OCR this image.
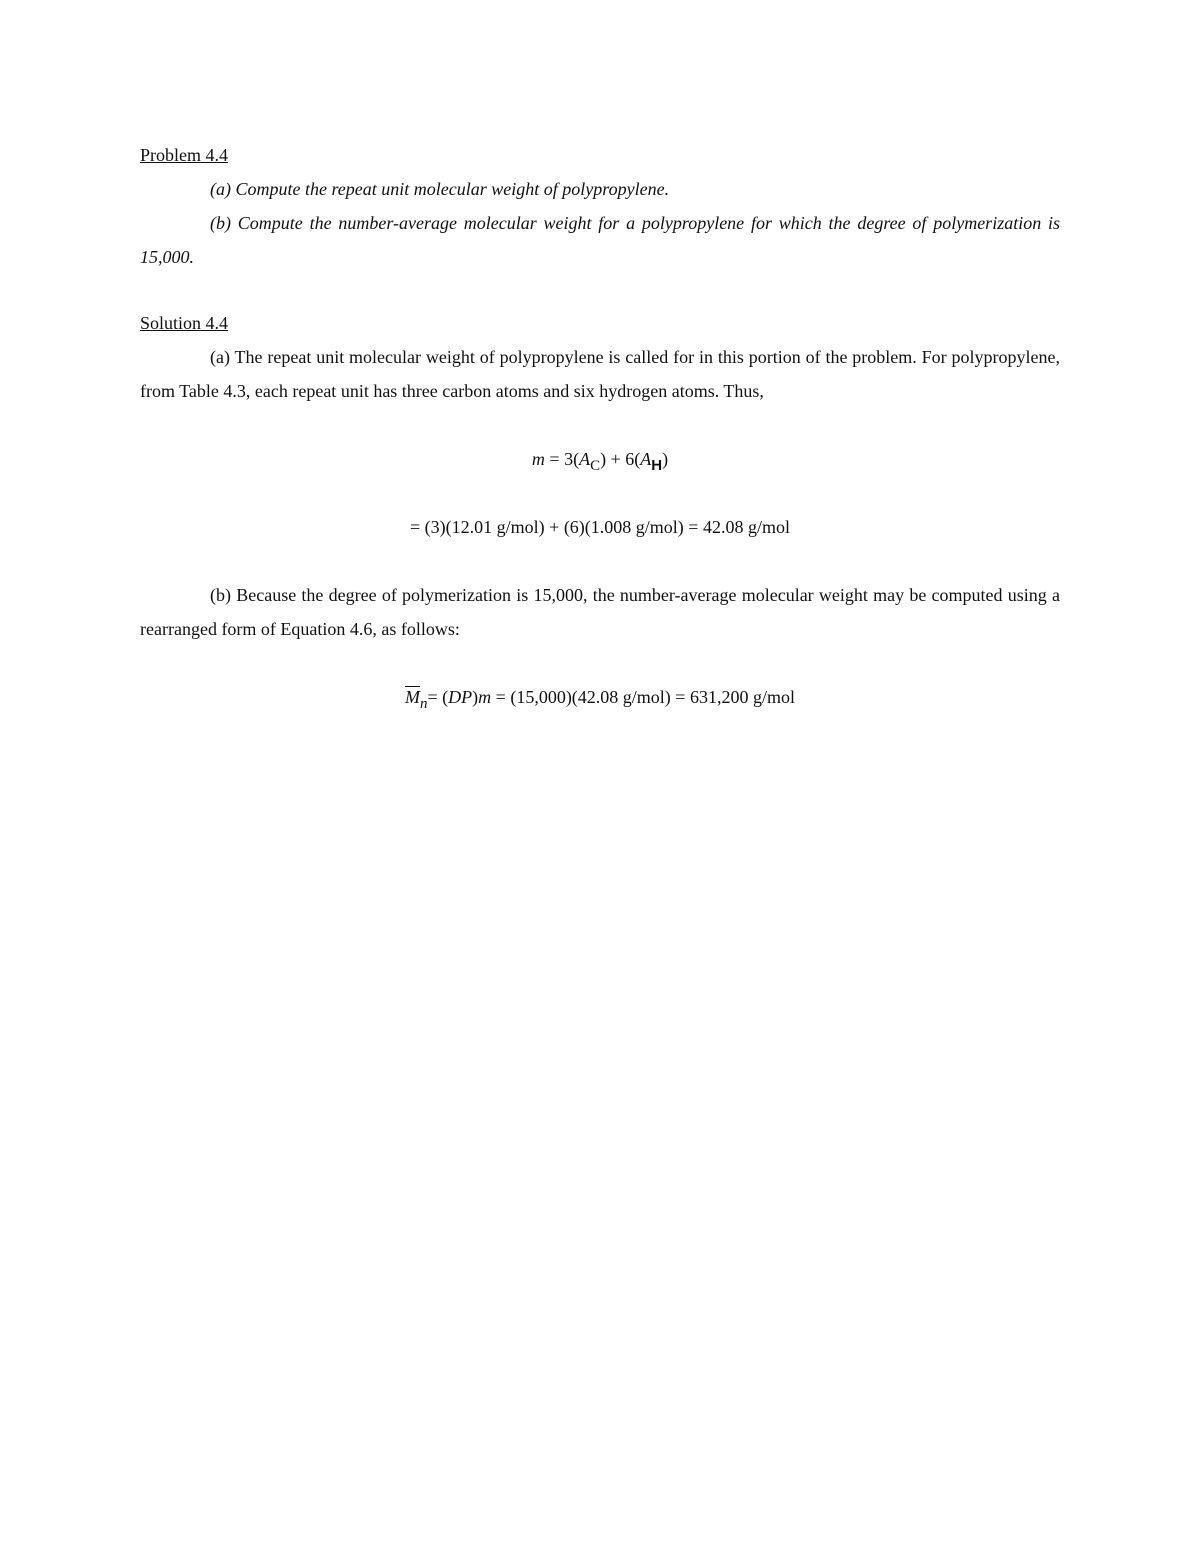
Problem 4.4

(a) Compute the repeat unit molecular weight of polypropylene.

(b) Compute the number-average molecular weight for a polypropylene for which the degree of polymerization is 15,000.

Solution 4.4

(a) The repeat unit molecular weight of polypropylene is called for in this portion of the problem. For polypropylene, from Table 4.3, each repeat unit has three carbon atoms and six hydrogen atoms. Thus,

$m = 3(A_C) + 6(A_H)$

= (3)(12.01 g/mol) + (6)(1.008 g/mol) = 42.08 g/mol

(b) Because the degree of polymerization is 15,000, the number-average molecular weight may be computed using a rearranged form of Equation 4.6, as follows:

$\overline{M}_n= (DP)m = (15,000)(42.08$ g/mol) = 631,200 g/mol
